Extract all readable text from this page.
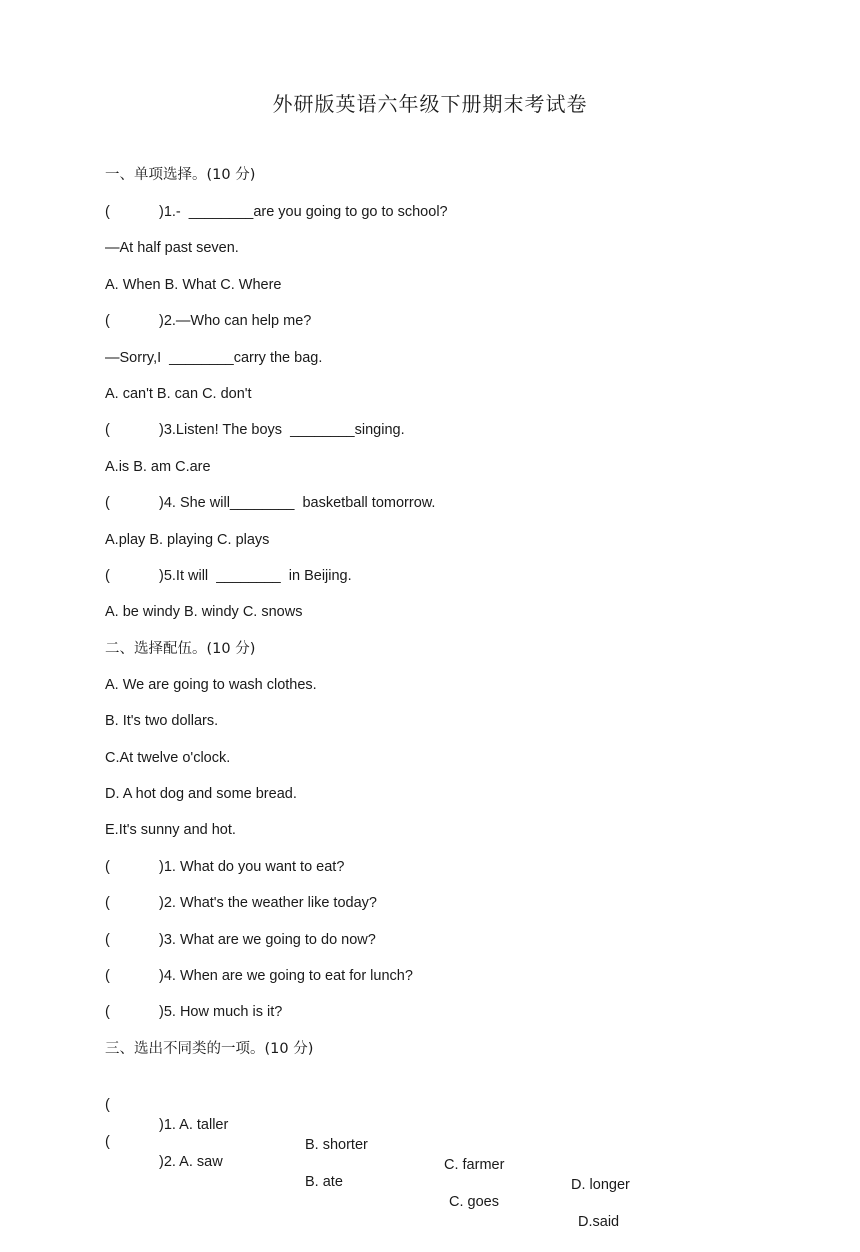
外研版英语六年级下册期末考试卷
一、单项选择。(10 分)
(	)1.-  ________are you going to go to school?
—At half past seven.
A. When B. What C. Where
(	)2.—Who can help me?
—Sorry,I  ________carry the bag.
A. can't B. can C. don't
(	)3.Listen! The boys  ________singing.
A.is B. am C.are
(	)4. She will________  basketball tomorrow.
A.play B. playing C. plays
(	)5.It will  ________  in Beijing.
A. be windy B. windy C. snows
二、选择配伍。(10 分)
A. We are going to wash clothes.
B. It's two dollars.
C.At twelve o'clock.
D. A hot dog and some bread.
E.It's sunny and hot.
(	)1. What do you want to eat?
(	)2. What's the weather like today?
(	)3. What are we going to do now?
(	)4. When are we going to eat for lunch?
(	)5. How much is it?
三、选出不同类的一项。(10 分)

(

)1. A. taller

B. shorter

C. farmer

D. longer

(

)2. A. saw

B. ate

C. goes

D.said
